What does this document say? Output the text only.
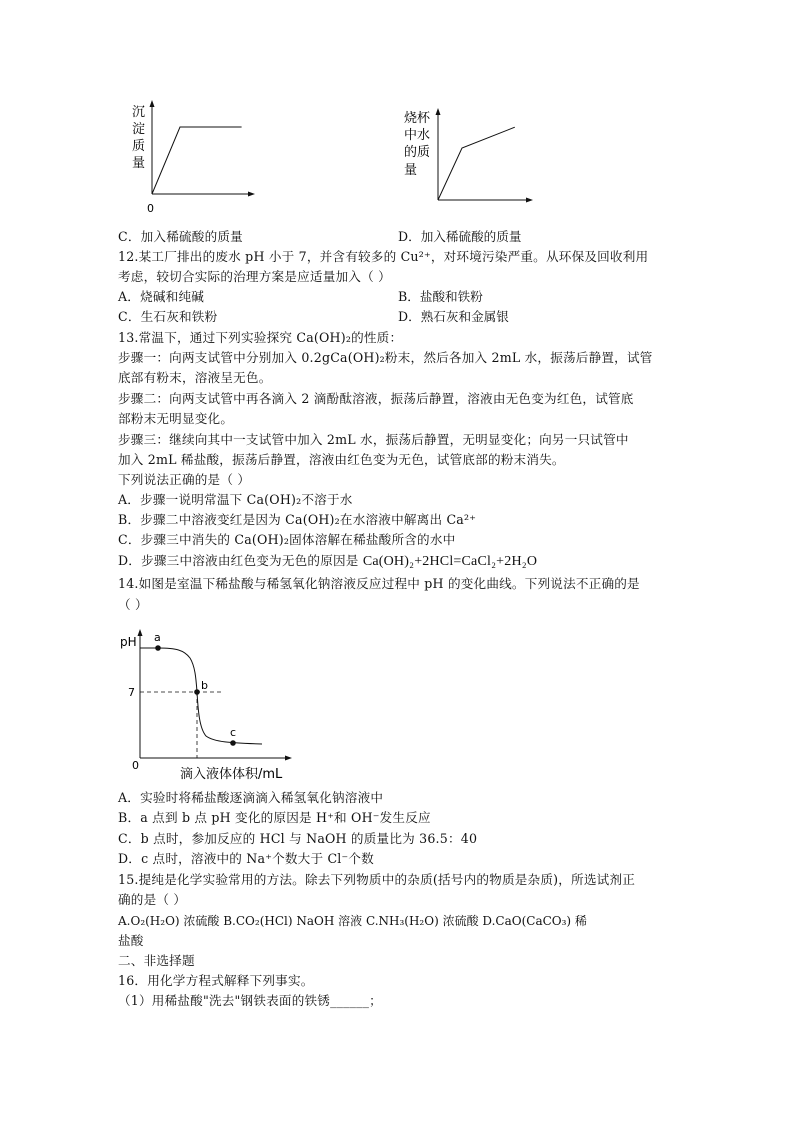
沉
淀
质
量
0
烧杯
中水
的质
量
C．加入稀硫酸的质量	D．加入稀硫酸的质量
12.某工厂排出的废水 pH 小于 7，并含有较多的 Cu²⁺，对环境污染严重。从环保及回收利用
考虑，较切合实际的治理方案是应适量加入（ ）
A．烧碱和纯碱	B．盐酸和铁粉
C．生石灰和铁粉	D．熟石灰和金属银
13.常温下，通过下列实验探究 Ca(OH)₂的性质：
步骤一：向两支试管中分别加入 0.2gCa(OH)₂粉末，然后各加入 2mL 水，振荡后静置，试管
底部有粉末，溶液呈无色。
步骤二：向两支试管中再各滴入 2 滴酚酞溶液，振荡后静置，溶液由无色变为红色，试管底
部粉末无明显变化。
步骤三：继续向其中一支试管中加入 2mL 水，振荡后静置，无明显变化；向另一只试管中
加入 2mL 稀盐酸，振荡后静置，溶液由红色变为无色，试管底部的粉末消失。
下列说法正确的是（ ）
A．步骤一说明常温下 Ca(OH)₂不溶于水
B．步骤二中溶液变红是因为 Ca(OH)₂在水溶液中解离出 Ca²⁺
C．步骤三中消失的 Ca(OH)₂固体溶解在稀盐酸所含的水中
D．步骤三中溶液由红色变为无色的原因是 Ca(OH)₂+2HCl=CaCl₂+2H₂O
14.如图是室温下稀盐酸与稀氢氧化钠溶液反应过程中 pH 的变化曲线。下列说法不正确的是
（ ）
pH
0
7
a
b
c
滴入液体体积/mL
A．实验时将稀盐酸逐滴滴入稀氢氧化钠溶液中
B．a 点到 b 点 pH 变化的原因是 H⁺和 OH⁻发生反应
C．b 点时，参加反应的 HCl 与 NaOH 的质量比为 36.5：40
D．c 点时，溶液中的 Na⁺个数大于 Cl⁻个数
15.提纯是化学实验常用的方法。除去下列物质中的杂质(括号内的物质是杂质)，所选试剂正
确的是（ ）
A.O₂(H₂O) 浓硫酸 B.CO₂(HCl) NaOH 溶液 C.NH₃(H₂O) 浓硫酸 D.CaO(CaCO₃) 稀
盐酸
二、非选择题
16．用化学方程式解释下列事实。
（1）用稀盐酸"洗去"钢铁表面的铁锈______；
